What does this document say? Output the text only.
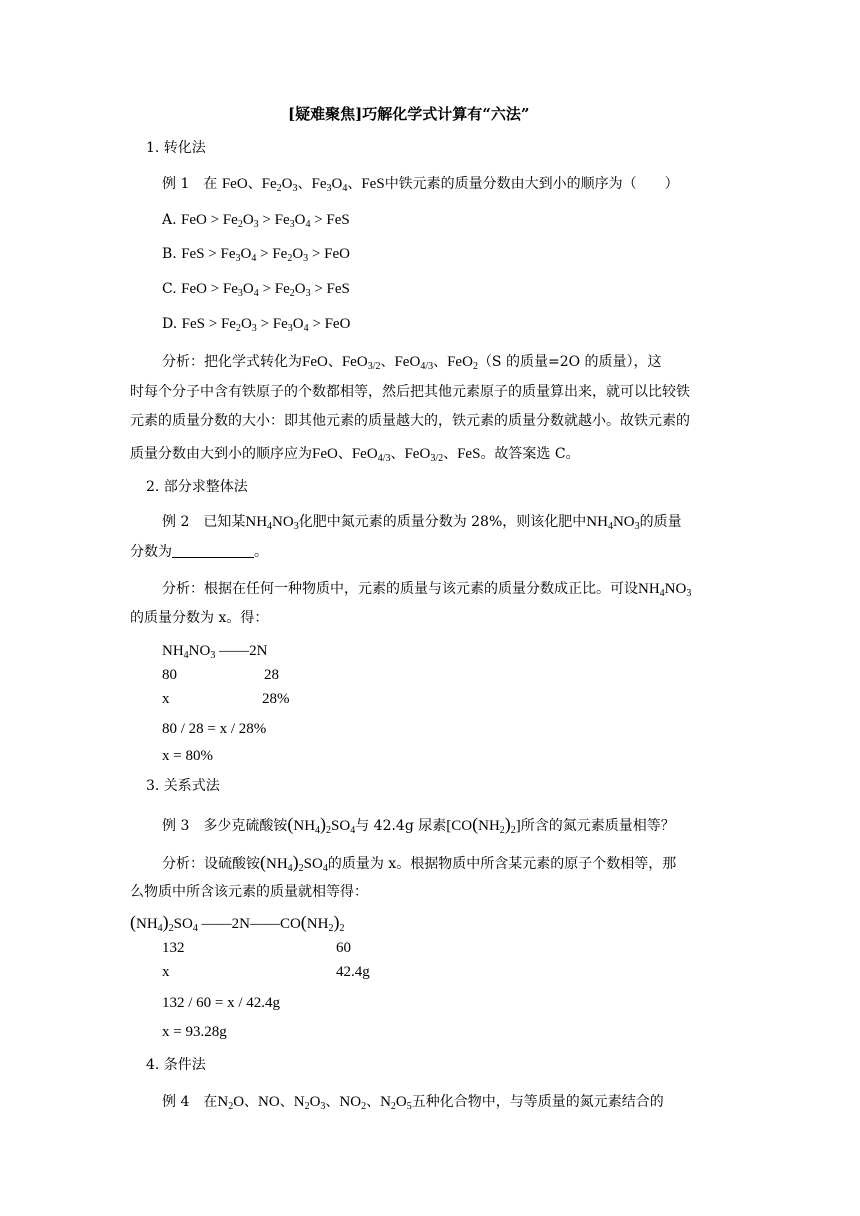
[疑难聚焦]巧解化学式计算有“六法”
1. 转化法
例 1　在 FeO、$Fe_2O_3$、$Fe_3O_4$、FeS中铁元素的质量分数由大到小的顺序为（　　）
A. FeO > $Fe_2O_3 > Fe_3O_4$ > FeS
B. FeS > $Fe_3O_4 > Fe_2O_3$ > FeO
C. FeO > $Fe_3O_4 > Fe_2O_3$ > FeS
D. FeS > $Fe_2O_3 > Fe_3O_4$ > FeO
分析：把化学式转化为FeO、FeO$_{3/2}$、FeO$_{4/3}$、FeO$_2$（S 的质量=2O 的质量），这
时每个分子中含有铁原子的个数都相等，然后把其他元素原子的质量算出来，就可以比较铁
元素的质量分数的大小：即其他元素的质量越大的，铁元素的质量分数就越小。故铁元素的
质量分数由大到小的顺序应为FeO、FeO$_{4/3}$、FeO$_{3/2}$、FeS。故答案选 C。
2. 部分求整体法
例 2　已知某$NH_4NO_3$化肥中氮元素的质量分数为 28%，则该化肥中$NH_4NO_3$的质量
分数为	。
分析：根据在任何一种物质中，元素的质量与该元素的质量分数成正比。可设$NH_4NO_3$
的质量分数为 x。得：
$NH_4NO_3$ ——2N
80	28
x	28%
80 / 28 = x / 28%
x = 80%
3. 关系式法
例 3　多少克硫酸铵$(NH_4)_2SO_4$与 42.4g 尿素$[CO(NH_2)_2]$所含的氮元素质量相等？
分析：设硫酸铵$(NH_4)_2SO_4$的质量为 x。根据物质中所含某元素的原子个数相等，那
么物质中所含该元素的质量就相等得：
$(NH_4)_2SO_4$ $——2N——CO(NH_2)_2$
132	60
x	42.4g
132 / 60 = x / 42.4g
x = 93.28g
4. 条件法
例 4　在$N_2O$、NO、$N_2O_3$、$NO_2$、$N_2O_5$五种化合物中，与等质量的氮元素结合的
